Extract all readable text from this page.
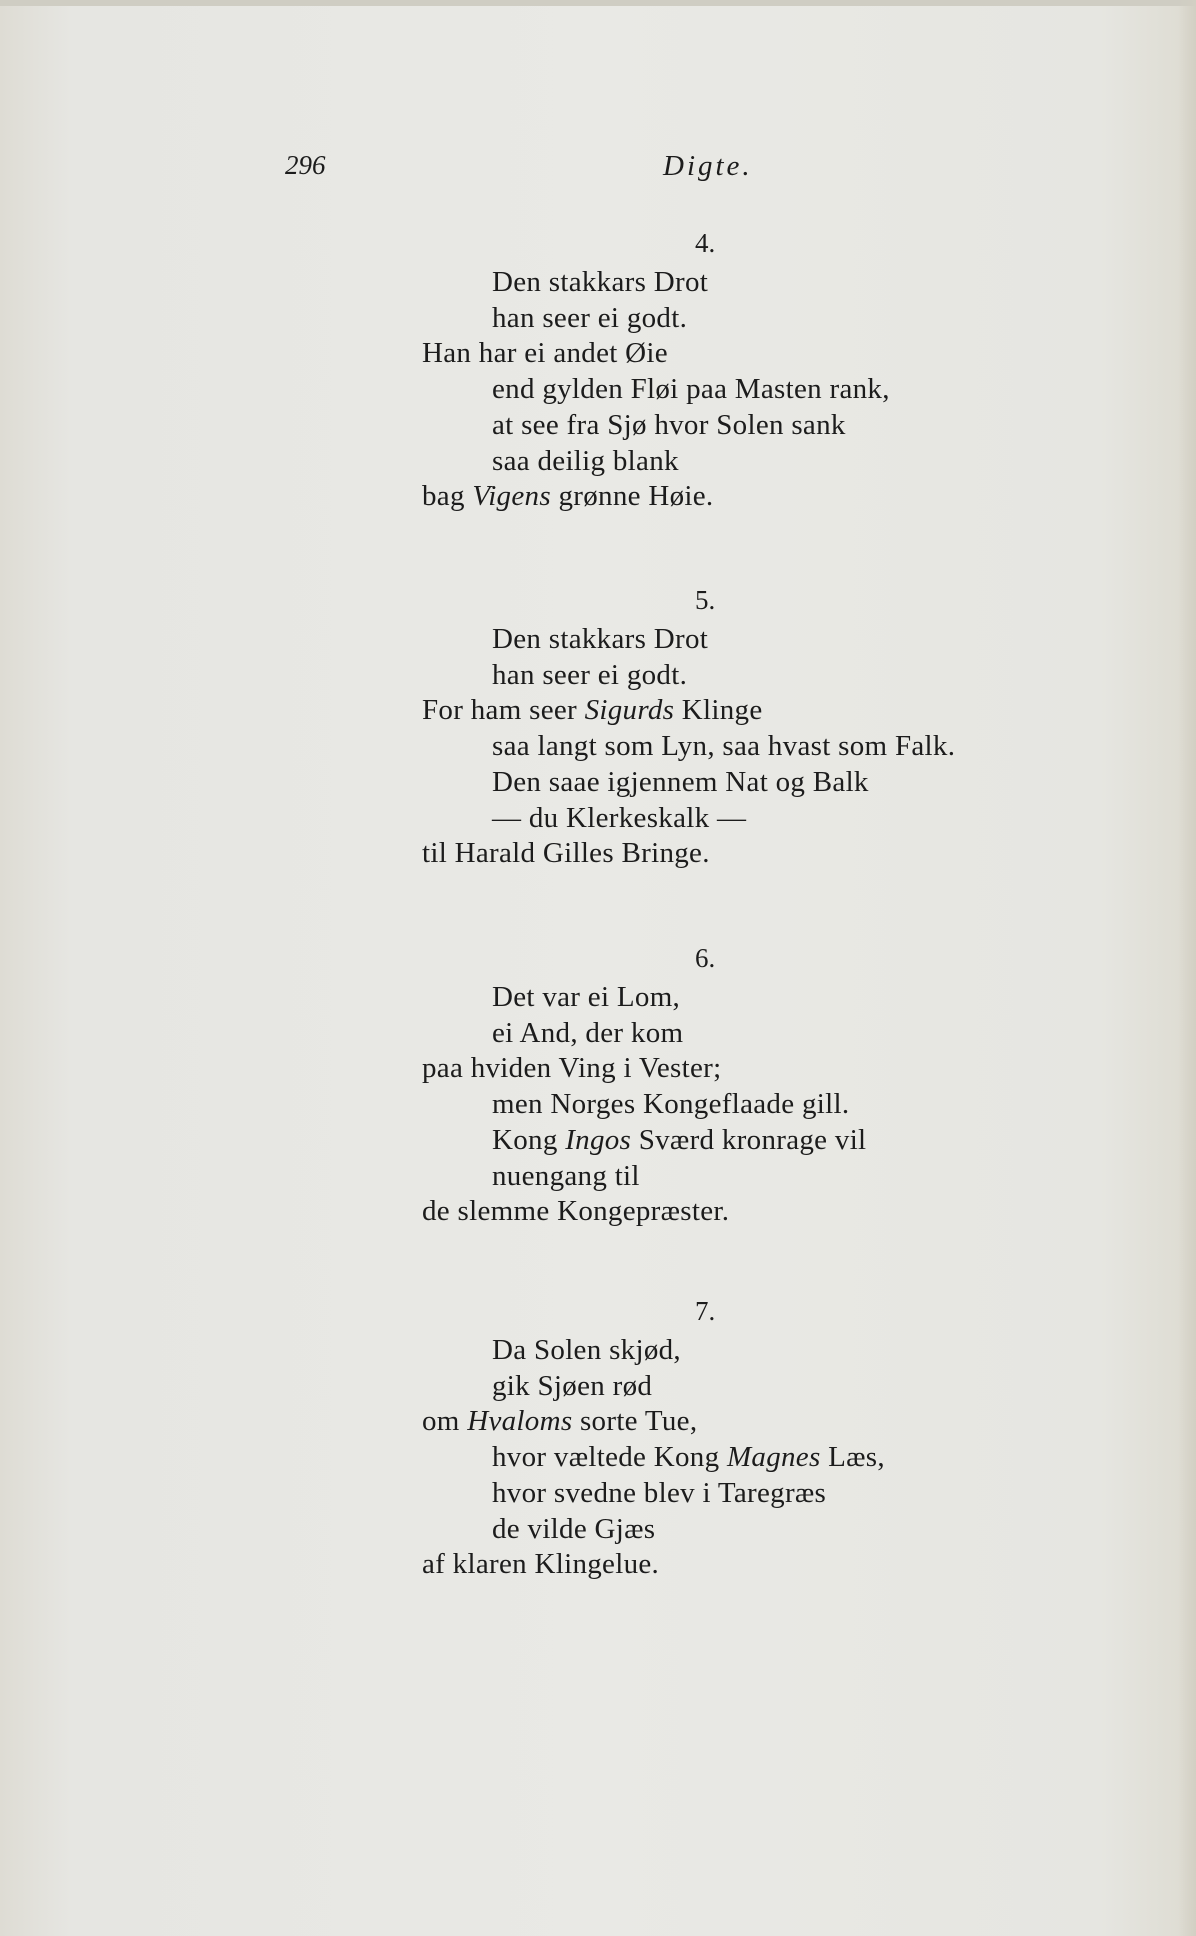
296	Digte.
4.
Den stakkars Drot
han seer ei godt.
Han har ei andet Øie
end gylden Fløi paa Masten rank,
at see fra Sjø hvor Solen sank
saa deilig blank
bag Vigens grønne Høie.
5.
Den stakkars Drot
han seer ei godt.
For ham seer Sigurds Klinge
saa langt som Lyn, saa hvast som Falk.
Den saae igjennem Nat og Balk
— du Klerkeskalk —
til Harald Gilles Bringe.
6.
Det var ei Lom,
ei And, der kom
paa hviden Ving i Vester;
men Norges Kongeflaade gill.
Kong Ingos Sværd kronrage vil
nuengang til
de slemme Kongepræster.
7.
Da Solen skjød,
gik Sjøen rød
om Hvaloms sorte Tue,
hvor væltede Kong Magnes Læs,
hvor svedne blev i Taregræs
de vilde Gjæs
af klaren Klingelue.
